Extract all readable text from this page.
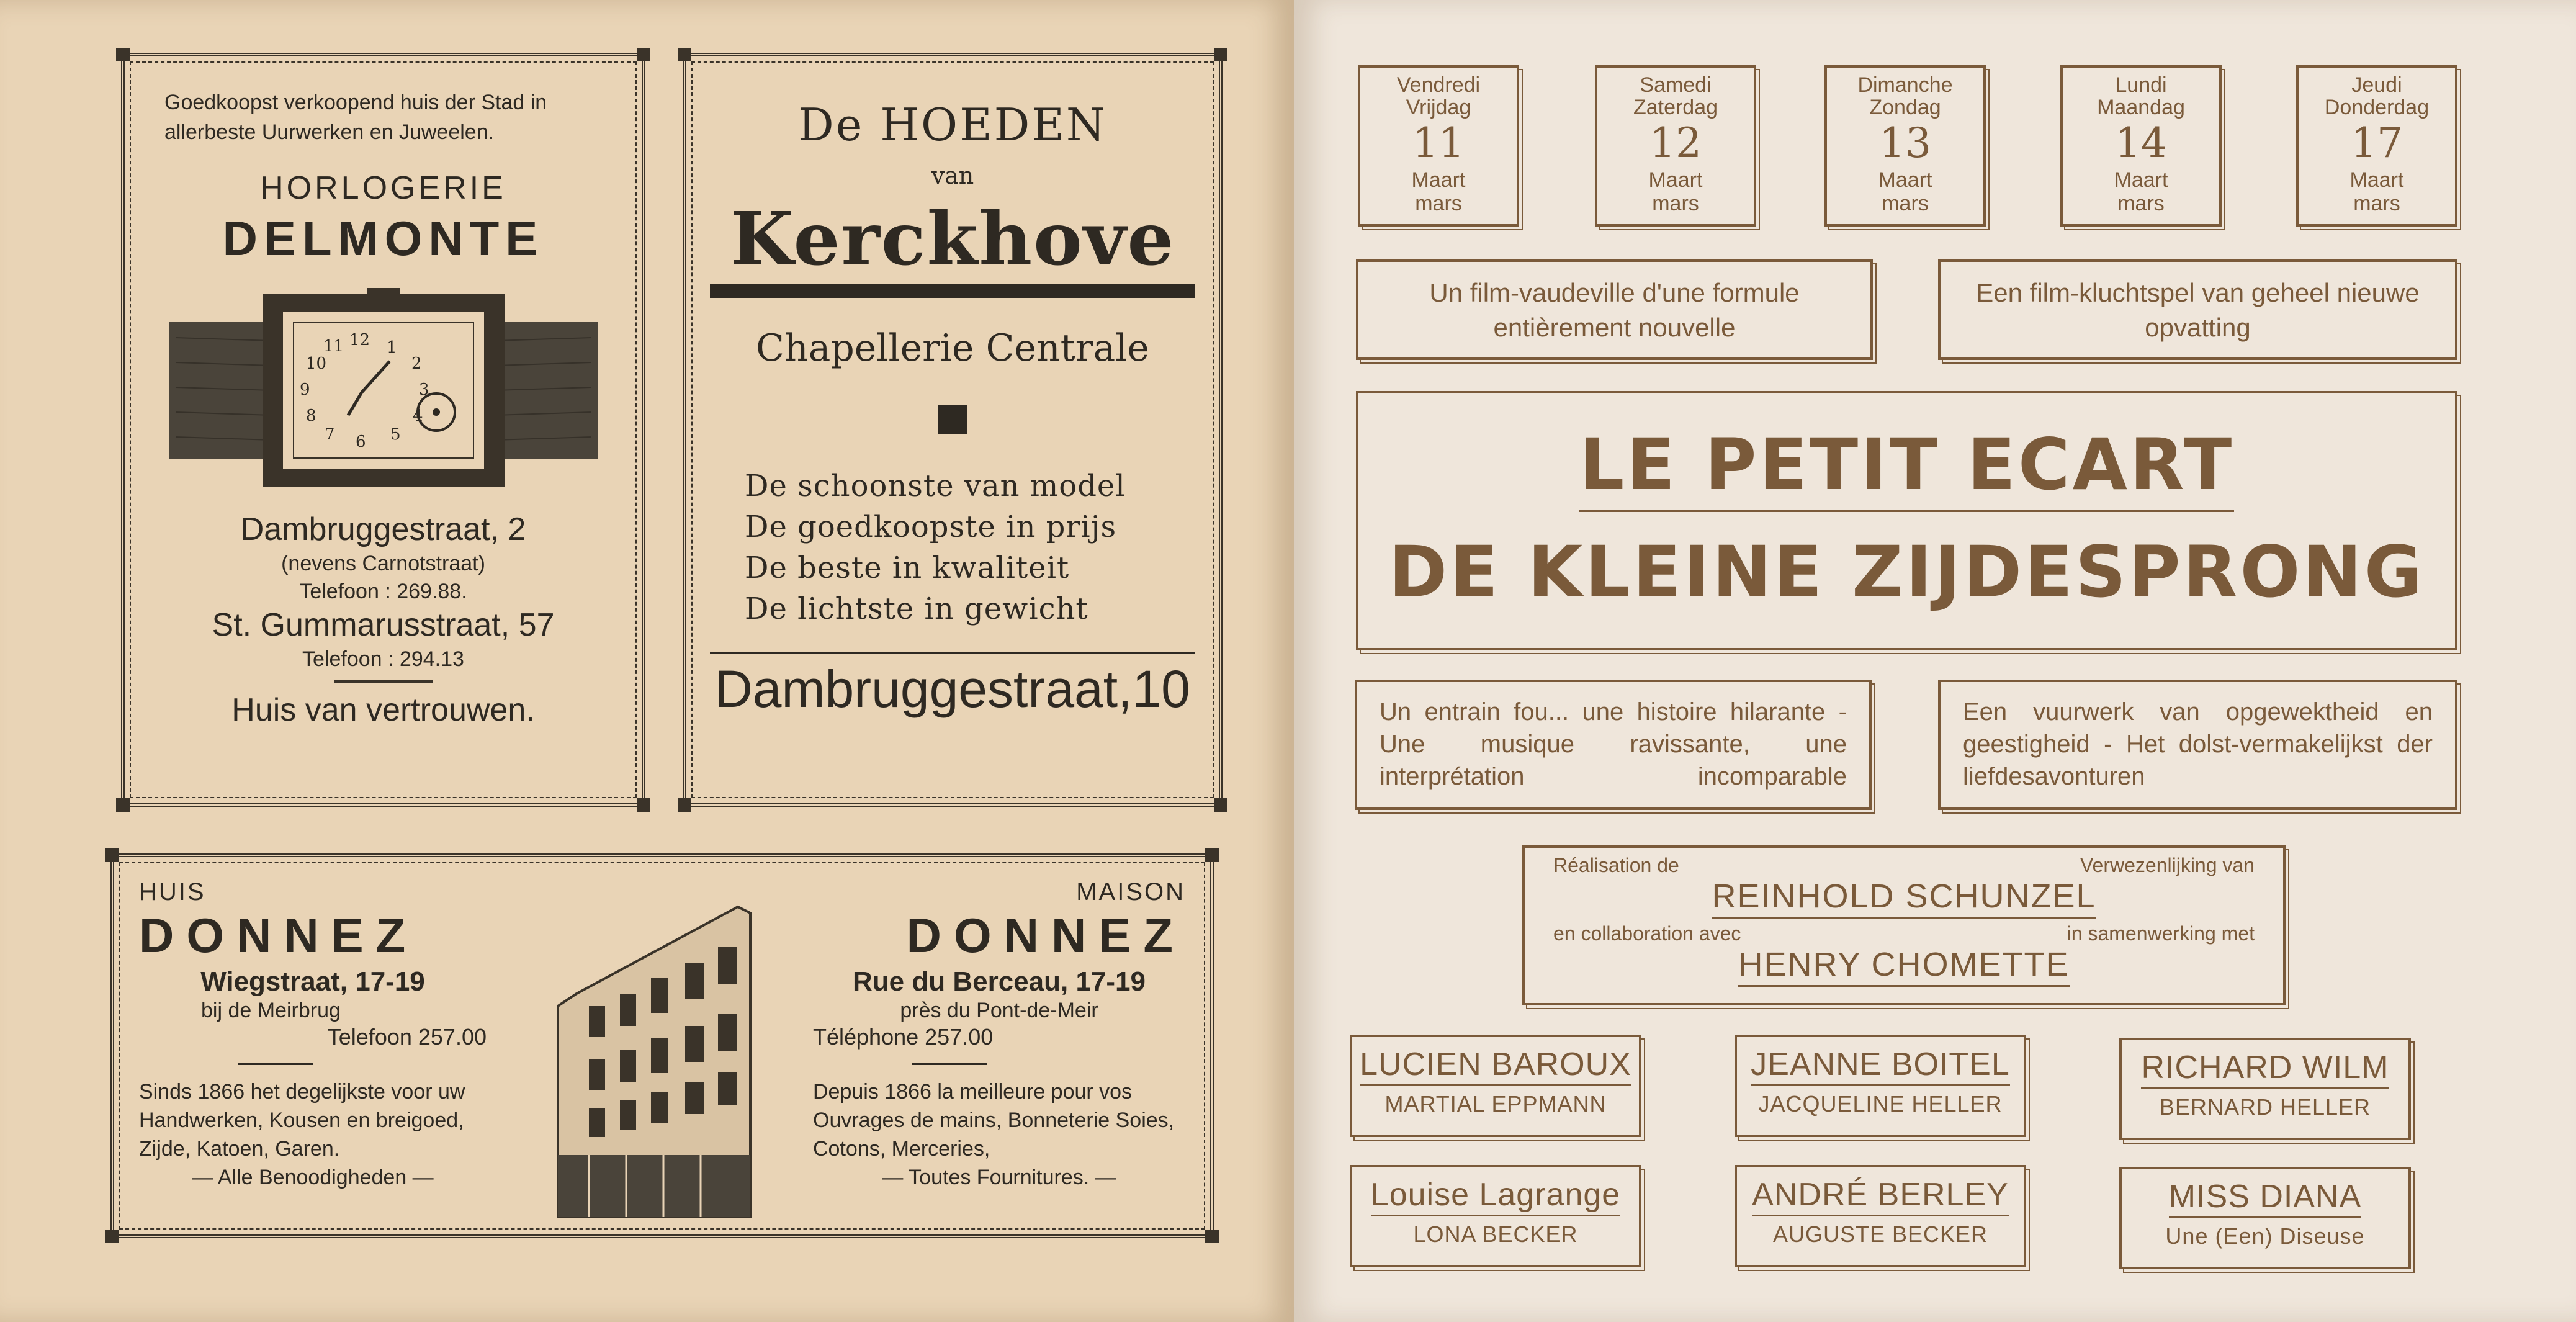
Goedkoopst verkoopend huis der Stad in allerbeste Uurwerken en Juweelen.
HORLOGERIE
DELMONTE
12 1
2
3
4
5
6
7
8
9
10
11
Dambruggestraat, 2
(nevens Carnotstraat)
Telefoon : 269.88.
St. Gummarusstraat, 57
Telefoon : 294.13
Huis van vertrouwen.
De HOEDEN
van
Kerckhove
Chapellerie Centrale
De schoonste van model
De goedkoopste in prijs
De beste in kwaliteit
De lichtste in gewicht
Dambruggestraat,10
HUIS
DONNEZ
Wiegstraat, 17-19
bij de Meirbrug
Telefoon 257.00
Sinds 1866 het degelijkste voor uw Handwerken, Kousen en breigoed, Zijde, Katoen, Garen.
— Alle Benoodigheden —
MAISON
DONNEZ
Rue du Berceau, 17-19
près du Pont-de-Meir
Téléphone 257.00
Depuis 1866 la meilleure pour vos Ouvrages de mains, Bonneterie Soies, Cotons, Merceries,
— Toutes Fournitures. —
Vendredi
Vrijdag
11
Maart
mars
Samedi
Zaterdag
12
Maart
mars
Dimanche
Zondag
13
Maart
mars
Lundi
Maandag
14
Maart
mars
Jeudi
Donderdag
17
Maart
mars
Un film-vaudeville d'une formule entièrement nouvelle
Een film-kluchtspel van geheel nieuwe opvatting
LE PETIT ECART
DE KLEINE ZIJDESPRONG
Un entrain fou... une histoire hilarante - Une musique ravissante, une interprétation incomparable
Een vuurwerk van opgewektheid en geestigheid - Het dolst-vermakelijkst der liefdesavonturen
Réalisation de	Verwezenlijking van
REINHOLD SCHUNZEL
en collaboration avec	in samenwerking met
HENRY CHOMETTE
LUCIEN BAROUX
MARTIAL EPPMANN
JEANNE BOITEL
JACQUELINE HELLER
RICHARD WILM
BERNARD HELLER
Louise Lagrange
LONA BECKER
ANDRÉ BERLEY
AUGUSTE BECKER
MISS DIANA
Une (Een) Diseuse
